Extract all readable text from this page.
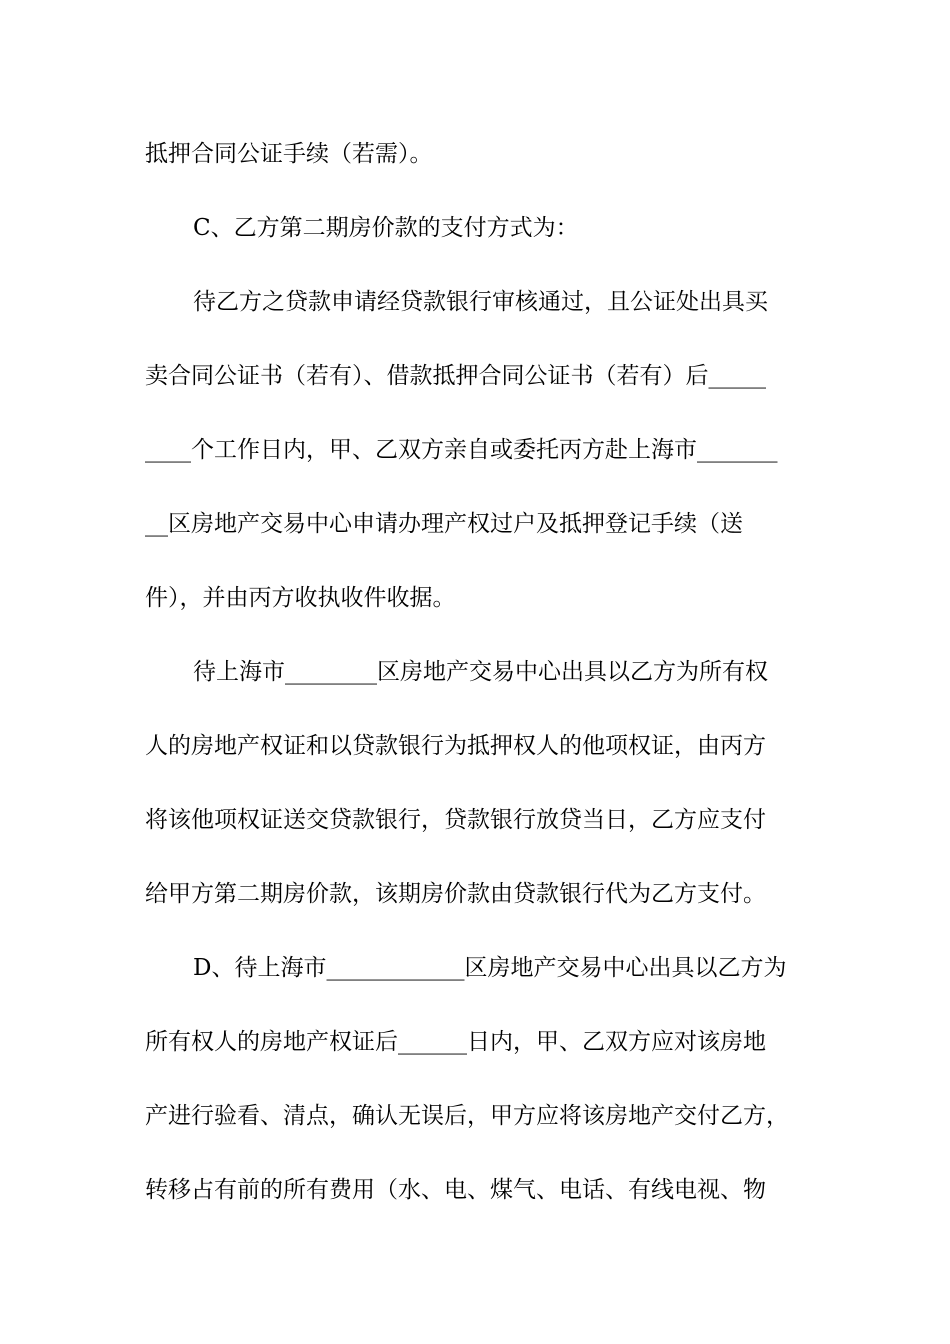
抵押合同公证手续（若需）。
C、乙方第二期房价款的支付方式为：
待乙方之贷款申请经贷款银行审核通过，且公证处出具买
卖合同公证书（若有）、借款抵押合同公证书（若有）后_____
____个工作日内，甲、乙双方亲自或委托丙方赴上海市_______
__区房地产交易中心申请办理产权过户及抵押登记手续（送
件），并由丙方收执收件收据。
待上海市________区房地产交易中心出具以乙方为所有权
人的房地产权证和以贷款银行为抵押权人的他项权证，由丙方
将该他项权证送交贷款银行，贷款银行放贷当日，乙方应支付
给甲方第二期房价款，该期房价款由贷款银行代为乙方支付。
D、待上海市____________区房地产交易中心出具以乙方为
所有权人的房地产权证后______日内，甲、乙双方应对该房地
产进行验看、清点，确认无误后，甲方应将该房地产交付乙方，
转移占有前的所有费用（水、电、煤气、电话、有线电视、物
